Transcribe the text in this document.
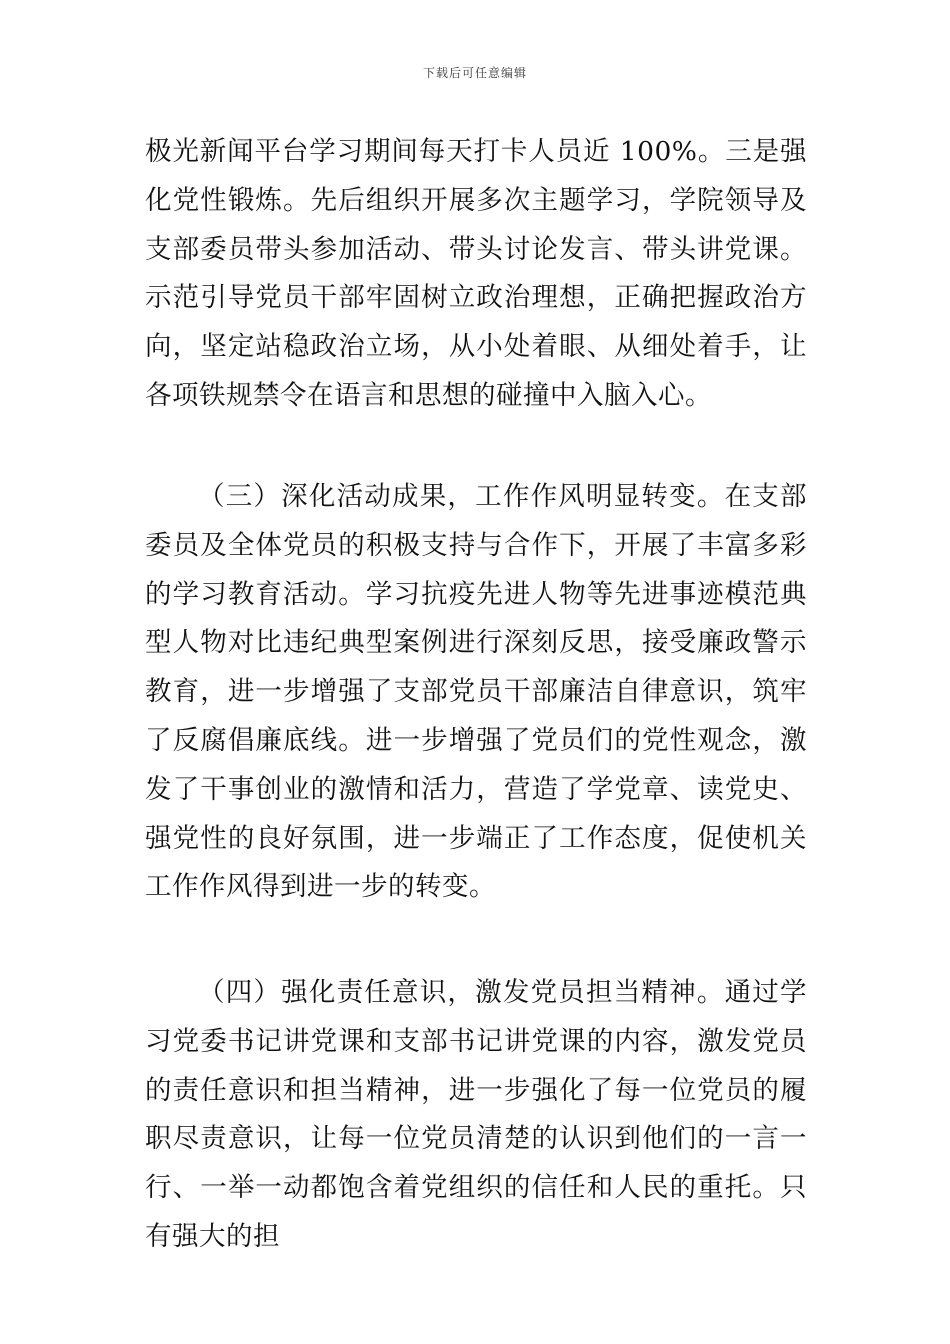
下载后可任意编辑

极光新闻平台学习期间每天打卡人员近 100%。三是强化党性锻炼。先后组织开展多次主题学习，学院领导及支部委员带头参加活动、带头讨论发言、带头讲党课。示范引导党员干部牢固树立政治理想，正确把握政治方向，坚定站稳政治立场，从小处着眼、从细处着手，让各项铁规禁令在语言和思想的碰撞中入脑入心。

（三）深化活动成果，工作作风明显转变。在支部委员及全体党员的积极支持与合作下，开展了丰富多彩的学习教育活动。学习抗疫先进人物等先进事迹模范典型人物对比违纪典型案例进行深刻反思，接受廉政警示教育，进一步增强了支部党员干部廉洁自律意识，筑牢了反腐倡廉底线。进一步增强了党员们的党性观念，激发了干事创业的激情和活力，营造了学党章、读党史、强党性的良好氛围，进一步端正了工作态度，促使机关工作作风得到进一步的转变。

（四）强化责任意识，激发党员担当精神。通过学习党委书记讲党课和支部书记讲党课的内容，激发党员的责任意识和担当精神，进一步强化了每一位党员的履职尽责意识，让每一位党员清楚的认识到他们的一言一行、一举一动都饱含着党组织的信任和人民的重托。只有强大的担
